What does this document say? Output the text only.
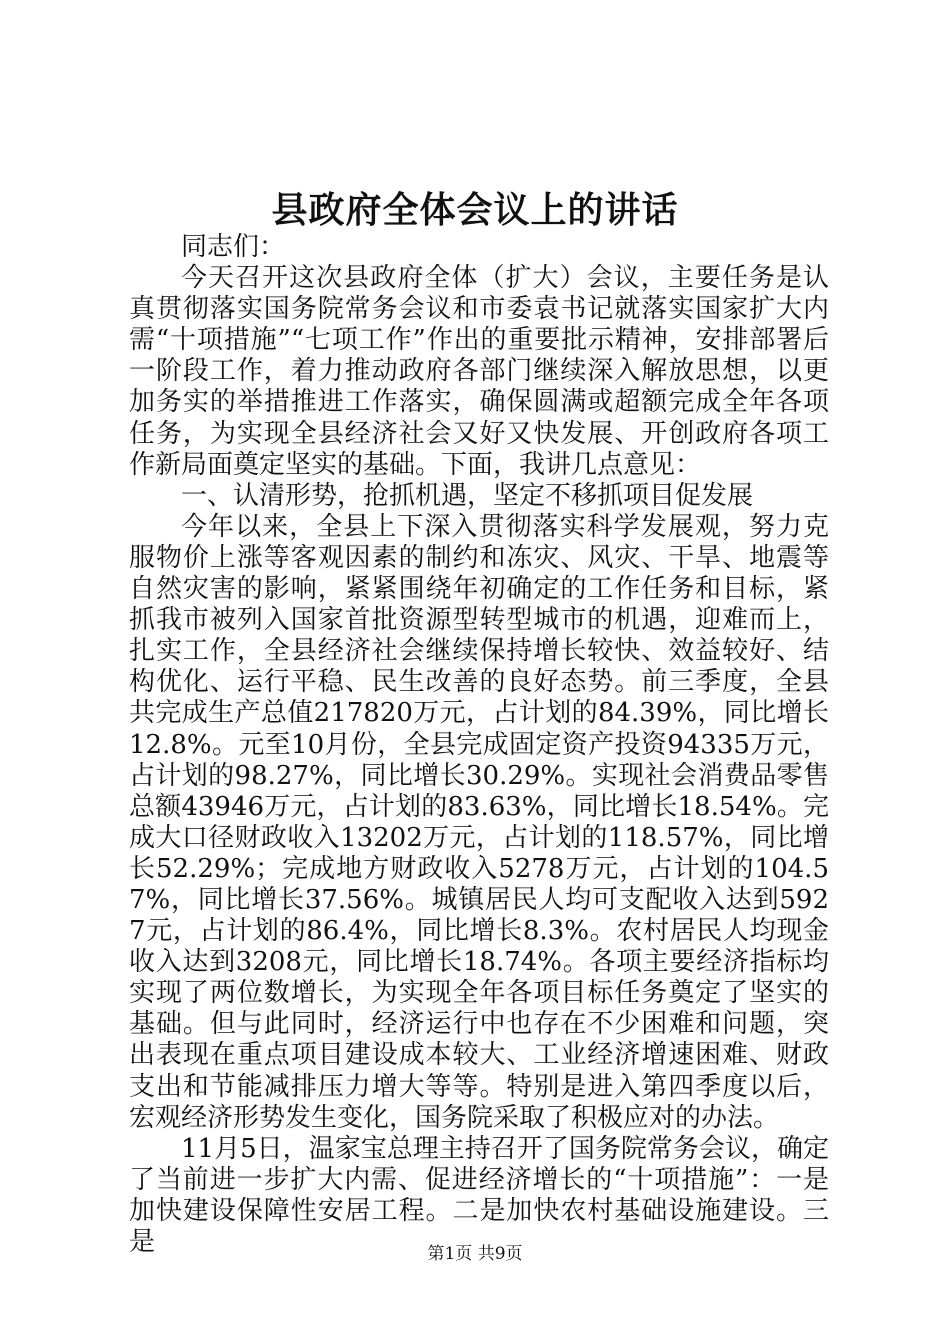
县政府全体会议上的讲话

同志们：

今天召开这次县政府全体（扩大）会议，主要任务是认真贯彻落实国务院常务会议和市委袁书记就落实国家扩大内需“十项措施”“七项工作”作出的重要批示精神，安排部署后一阶段工作，着力推动政府各部门继续深入解放思想，以更加务实的举措推进工作落实，确保圆满或超额完成全年各项任务，为实现全县经济社会又好又快发展、开创政府各项工作新局面奠定坚实的基础。下面，我讲几点意见：

一、认清形势，抢抓机遇，坚定不移抓项目促发展

今年以来，全县上下深入贯彻落实科学发展观，努力克服物价上涨等客观因素的制约和冻灾、风灾、干旱、地震等自然灾害的影响，紧紧围绕年初确定的工作任务和目标，紧抓我市被列入国家首批资源型转型城市的机遇，迎难而上，扎实工作，全县经济社会继续保持增长较快、效益较好、结构优化、运行平稳、民生改善的良好态势。前三季度，全县共完成生产总值217820万元，占计划的84.39%，同比增长12.8%。元至10月份，全县完成固定资产投资94335万元，占计划的98.27%，同比增长30.29%。实现社会消费品零售总额43946万元，占计划的83.63%，同比增长18.54%。完成大口径财政收入13202万元，占计划的118.57%，同比增长52.29%；完成地方财政收入5278万元，占计划的104.57%，同比增长37.56%。城镇居民人均可支配收入达到5927元，占计划的86.4%，同比增长8.3%。农村居民人均现金收入达到3208元，同比增长18.74%。各项主要经济指标均实现了两位数增长，为实现全年各项目标任务奠定了坚实的基础。但与此同时，经济运行中也存在不少困难和问题，突出表现在重点项目建设成本较大、工业经济增速困难、财政支出和节能减排压力增大等等。特别是进入第四季度以后，宏观经济形势发生变化，国务院采取了积极应对的办法。

11月5日，温家宝总理主持召开了国务院常务会议，确定了当前进一步扩大内需、促进经济增长的“十项措施”：一是加快建设保障性安居工程。二是加快农村基础设施建设。三是	第1页 共9页
